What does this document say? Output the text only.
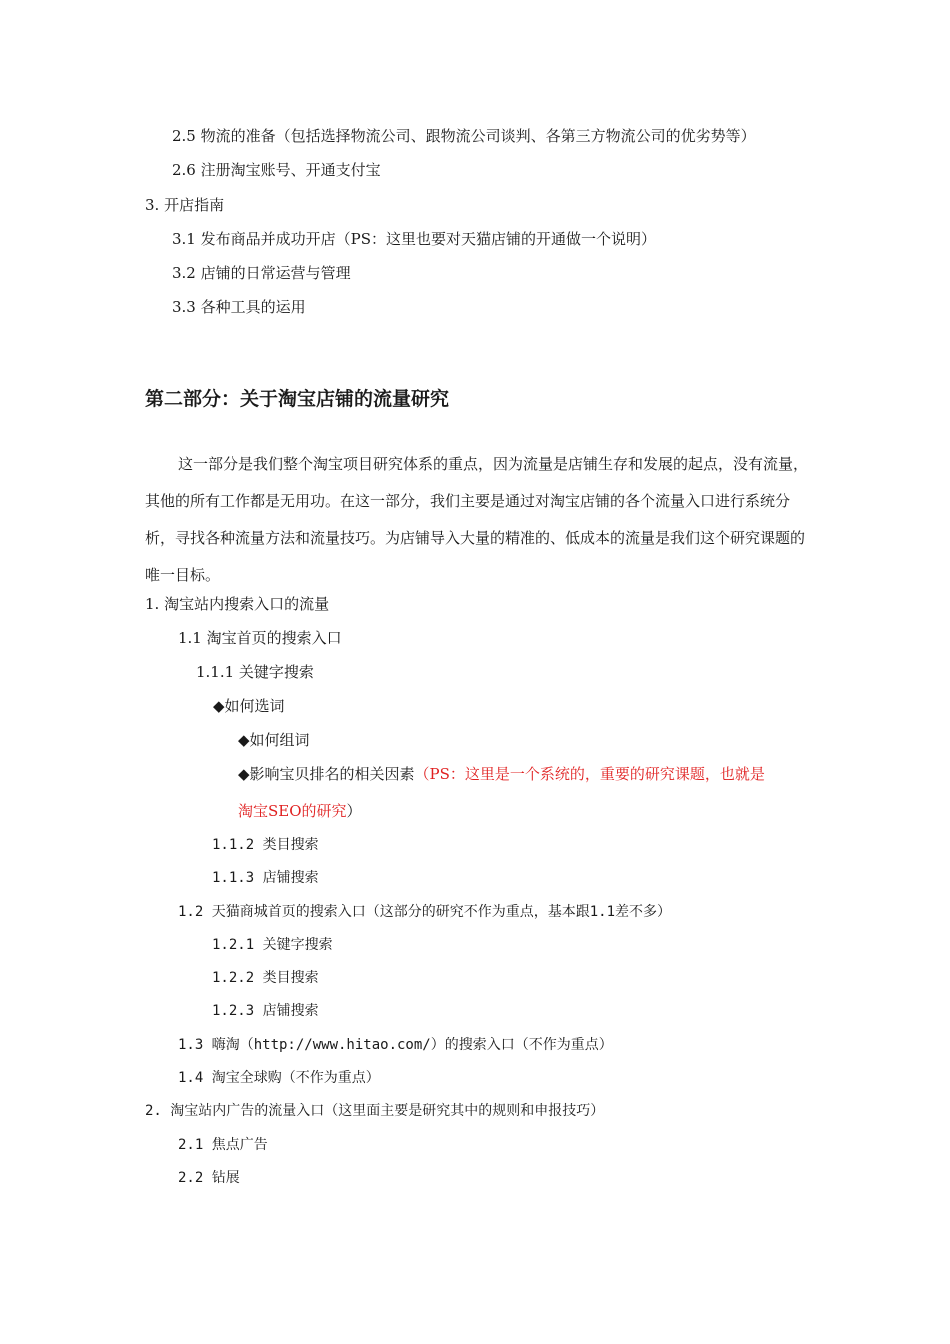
2.5 物流的准备（包括选择物流公司、跟物流公司谈判、各第三方物流公司的优劣势等）
2.6 注册淘宝账号、开通支付宝
3. 开店指南
3.1 发布商品并成功开店（PS：这里也要对天猫店铺的开通做一个说明）
3.2 店铺的日常运营与管理
3.3 各种工具的运用
第二部分：关于淘宝店铺的流量研究
这一部分是我们整个淘宝项目研究体系的重点，因为流量是店铺生存和发展的起点，没有流量，其他的所有工作都是无用功。在这一部分，我们主要是通过对淘宝店铺的各个流量入口进行系统分析，寻找各种流量方法和流量技巧。为店铺导入大量的精准的、低成本的流量是我们这个研究课题的唯一目标。
1. 淘宝站内搜索入口的流量
1.1 淘宝首页的搜索入口
1.1.1 关键字搜索
◆如何选词
◆如何组词
◆影响宝贝排名的相关因素（PS：这里是一个系统的，重要的研究课题，也就是
淘宝SEO的研究）
1.1.2 类目搜索
1.1.3 店铺搜索
1.2 天猫商城首页的搜索入口（这部分的研究不作为重点，基本跟1.1差不多）
1.2.1 关键字搜索
1.2.2 类目搜索
1.2.3 店铺搜索
1.3 嗨淘（http://www.hitao.com/）的搜索入口（不作为重点）
1.4 淘宝全球购（不作为重点）
2. 淘宝站内广告的流量入口（这里面主要是研究其中的规则和申报技巧）
2.1 焦点广告
2.2 钻展
